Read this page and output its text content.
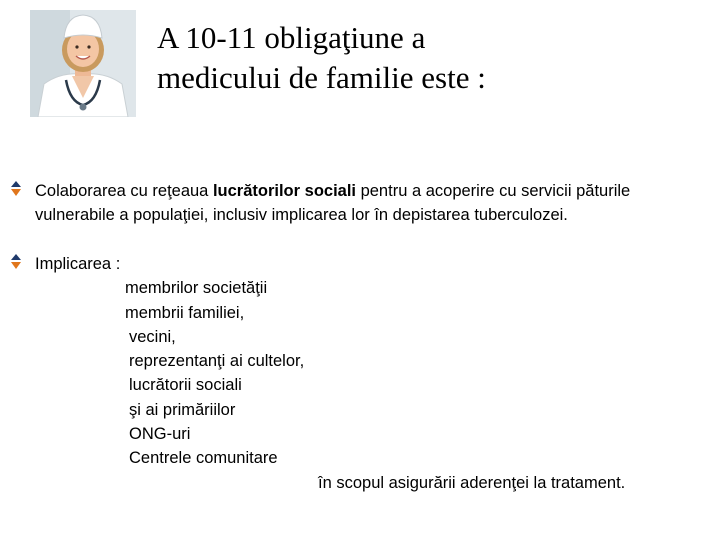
A 10-11 obligaţiune a
medicului de familie este :
Colaborarea cu reţeaua lucrătorilor sociali pentru a acoperire cu servicii păturile
vulnerabile a populaţiei, inclusiv implicarea lor în depistarea tuberculozei.
Implicarea :
membrilor societăţii
membrii familiei,
vecini,
reprezentanţi ai cultelor,
lucrătorii sociali
şi ai primăriilor
ONG-uri
Centrele comunitare
în scopul asigurării aderenţei la tratament.
